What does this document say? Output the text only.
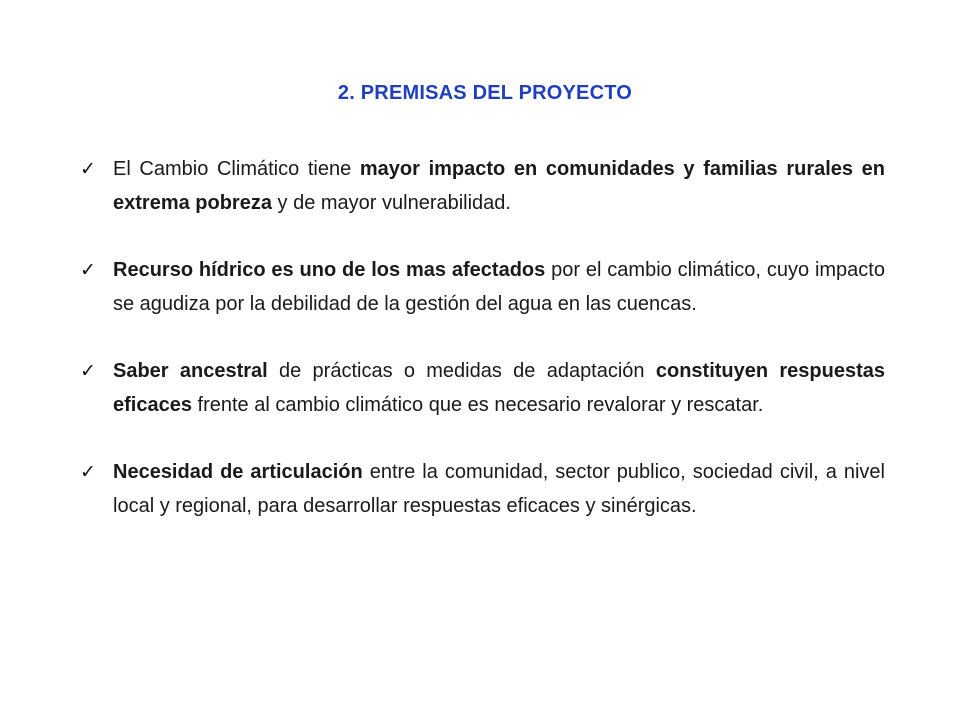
2. PREMISAS DEL PROYECTO
✓ El Cambio Climático tiene mayor impacto en comunidades y familias rurales en extrema pobreza y de mayor vulnerabilidad.
✓ Recurso hídrico es uno de los mas afectados por el cambio climático, cuyo impacto se agudiza por la debilidad de la gestión del agua en las cuencas.
✓ Saber ancestral de prácticas o medidas de adaptación constituyen respuestas eficaces frente al cambio climático que es necesario revalorar y rescatar.
✓ Necesidad de articulación entre la comunidad, sector publico, sociedad civil, a nivel local y regional, para desarrollar respuestas eficaces y sinérgicas.
